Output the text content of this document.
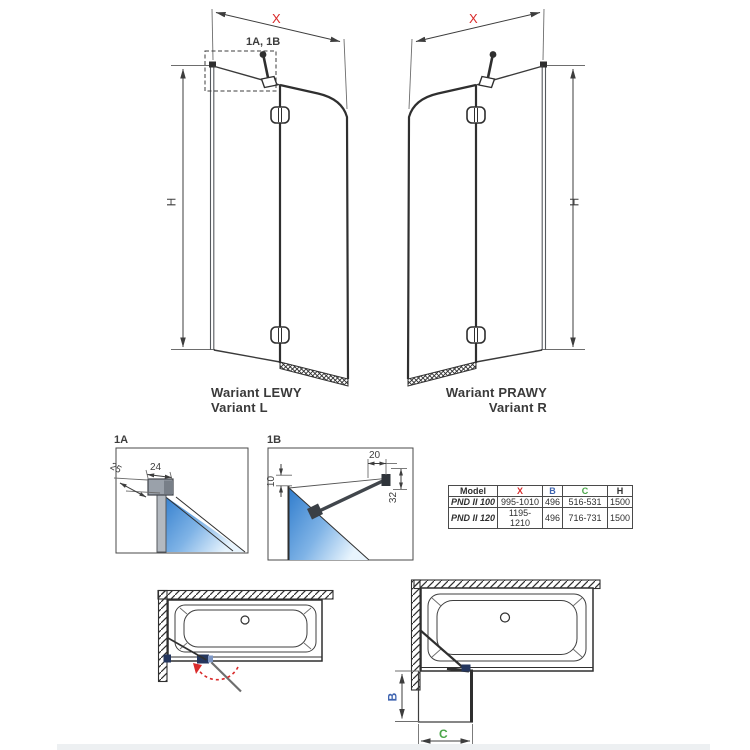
X	X
H	H
1A, 1B
Wariant LEWY
Variant L
Wariant PRAWY
Variant R
1A
24
25
1B
20
10
32
B
C
Model	X	B	C	H
PND II 100	995-1010	496	516-531	1500
PND II 120	1195-1210	496	716-731	1500
